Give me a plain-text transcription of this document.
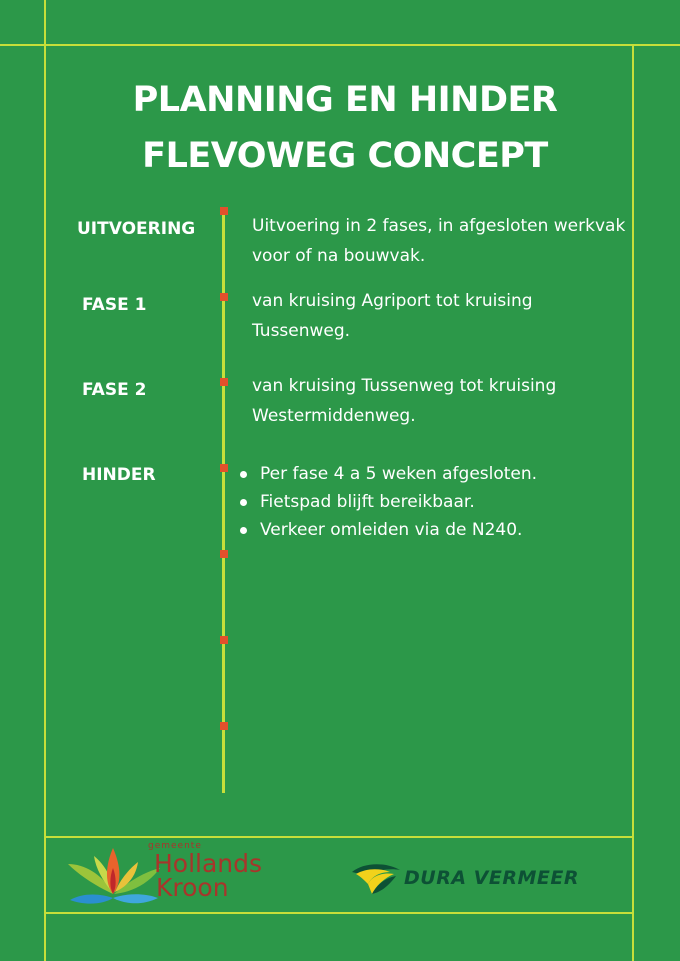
PLANNING EN HINDER
FLEVOWEG CONCEPT
UITVOERING	Uitvoering in 2 fases, in afgesloten werkvak voor of na bouwvak.
FASE 1	van kruising Agriport tot kruising Tussenweg.
FASE 2	van kruising Tussenweg tot kruising Westermiddenweg.
HINDER	Per fase 4 a 5 weken afgesloten.
Fietspad blijft bereikbaar.
Verkeer omleiden via de N240.
gemeente
Hollands
Kroon	DURA VERMEER
